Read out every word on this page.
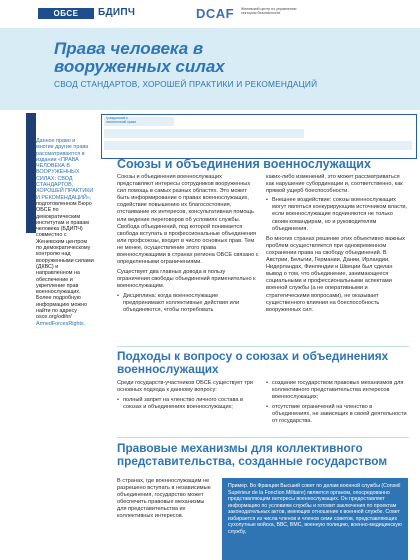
ОБСЕ	БДИПЧ	DCAF Женевский центр по управлению сектором безопасности
Права человека в
вооруженных силах
СВОД СТАНДАРТОВ, ХОРОШЕЙ ПРАКТИКИ И РЕКОМЕНДАЦИЙ
Данное право и многие другие права рассматриваются в издании «ПРАВА ЧЕЛОВЕКА В ВООРУЖЕННЫХ СИЛАХ: СВОД СТАНДАРТОВ, ХОРОШЕЙ ПРАКТИКИ И РЕКОМЕНДАЦИЙ», подготовленном Бюро ОБСЕ по демократическим институтам и правам человека (БДИПЧ) совместно с Женевским центром по демократическому контролю над вооруженными силами (ДКВС) и направленном на обеспечение и укрепление прав военнослужащих. Более подробную информацию можно найти по адресу osce.org/odihr/ ArmedForcesRights.
Гражданский и политический права
Союзы и объединения военнослужащих
Союзы и объединения военнослужащих представляют интересы сотрудников вооруженных сил помощь в самых разных областях. Это может быть информирование о правах военнослужащих, содействие повышению их благосостояния, отстаивание их интересов, консультативная помощь или ведение переговоров об условиях службы. Свобода объединений, под которой понимается свобода вступать в профессиональные объединения или профсоюзы, входит в число основных прав. Тем не менее, осуществление этого права военнослужащими в странах региона ОБСЕ связано с определенными ограничениями.
Существует два главных довода в пользу ограничения свободы объединений применительно к военнослужащим.
• Дисциплина: когда военнослужащие предпринимают коллективные действия или объединяются, чтобы потребовать
каких-либо изменений, это может рассматриваться как нарушение субординации и, соответственно, как прямой ущерб боеспособности.
• Внешнее воздействие: союзы военнослужащих могут являться конкурирующим источником власти, если военнослужащие подчиняются не только своим командирам, но и руководителям объединения.
Во многих странах решение этих объективно важных проблем осуществляется при одновременном сохранении права на свободу объединений. В Австрии, Бельгии, Германии, Дании, Ирландии, Нидерландах, Финляндии и Швеции был сделан вывод о том, что объединение, занимающееся социальными и профессиональными аспектами военной службы (а не оперативными и стратегическими вопросами), не оказывает существенного влияния на боеспособность вооруженных сил.
Подходы к вопросу о союзах и объединениях
военнослужащих
Среди государств-участников ОБСЕ существует три основных подхода к данному вопросу:
• полный запрет на членство личного состава в союзах и объединениях военнослужащих;
• создание государством правовых механизмов для коллективного представительства интересов военнослужащих;
• отсутствие ограничений на членство в объединениях, не зависящих в своей деятельности от государства.
Правовые механизмы для коллективного
представительства, созданные государством
В странах, где военнослужащим не разрешено вступать в независимые объединения, государство может обеспечить правовые механизмы для представительства их коллективных интересов.
Пример. Во Франции Высший совет по делам военной службы (Conseil Supérieur de la Fonction Militaire) является органом, опосредованно представляющим интересы военнослужащих. Он предоставляет информацию по условиям службы и готовит заключения по проектам законодательных актов, имеющих отношение к военной службе. Совет избирается из числа членов и членов семи советов, представляющих сухопутные войска, ВВС, ВМС, военную полицию, военно-медицинскую службу,
